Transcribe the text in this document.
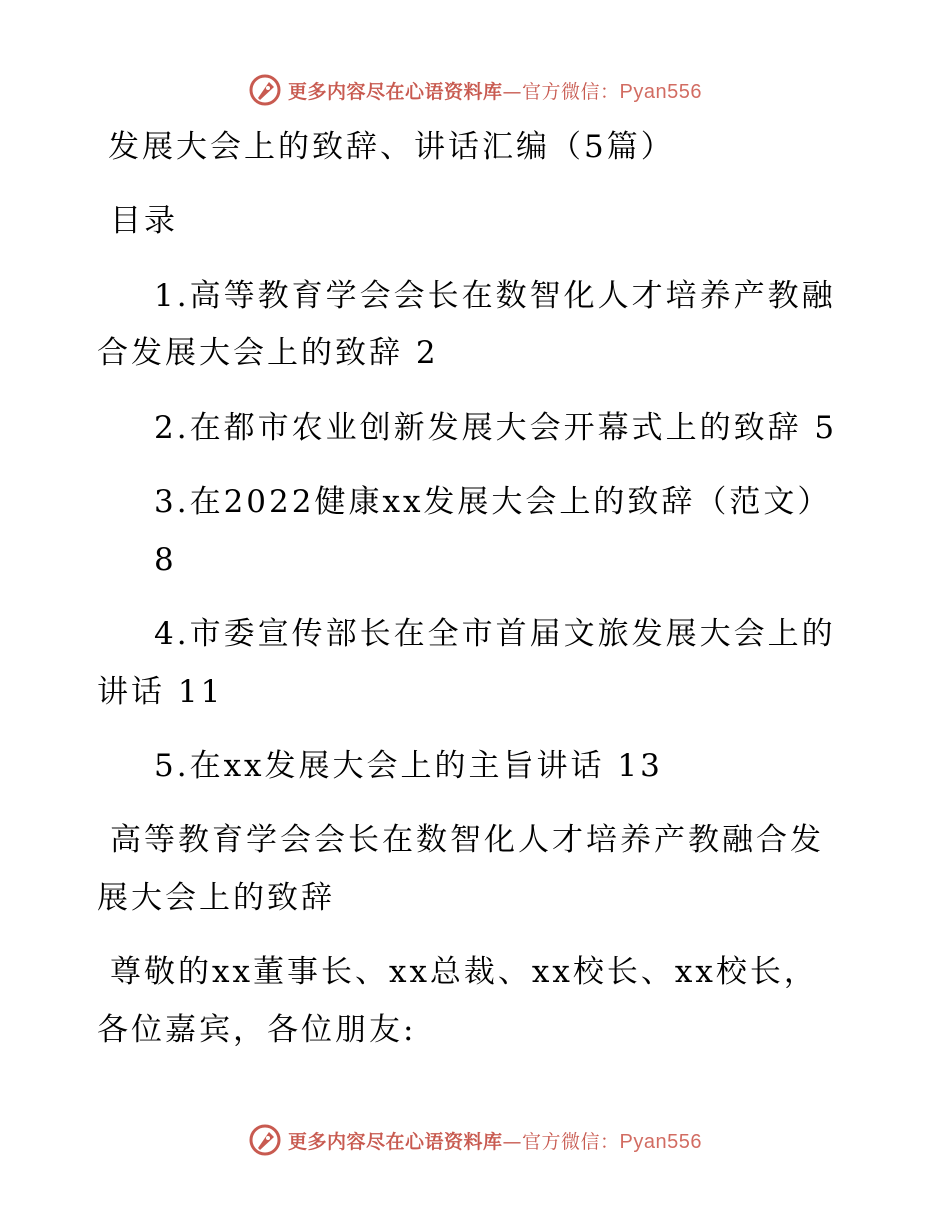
更多内容尽在心语资料库—官方微信：Pyan556
发展大会上的致辞、讲话汇编（5篇）
目录
1.高等教育学会会长在数智化人才培养产教融
合发展大会上的致辞 2
2.在都市农业创新发展大会开幕式上的致辞 5
3.在2022健康xx发展大会上的致辞（范文）
8
4.市委宣传部长在全市首届文旅发展大会上的
讲话 11
5.在xx发展大会上的主旨讲话 13
高等教育学会会长在数智化人才培养产教融合发
展大会上的致辞
尊敬的xx董事长、xx总裁、xx校长、xx校长，
各位嘉宾，各位朋友:
更多内容尽在心语资料库—官方微信：Pyan556
